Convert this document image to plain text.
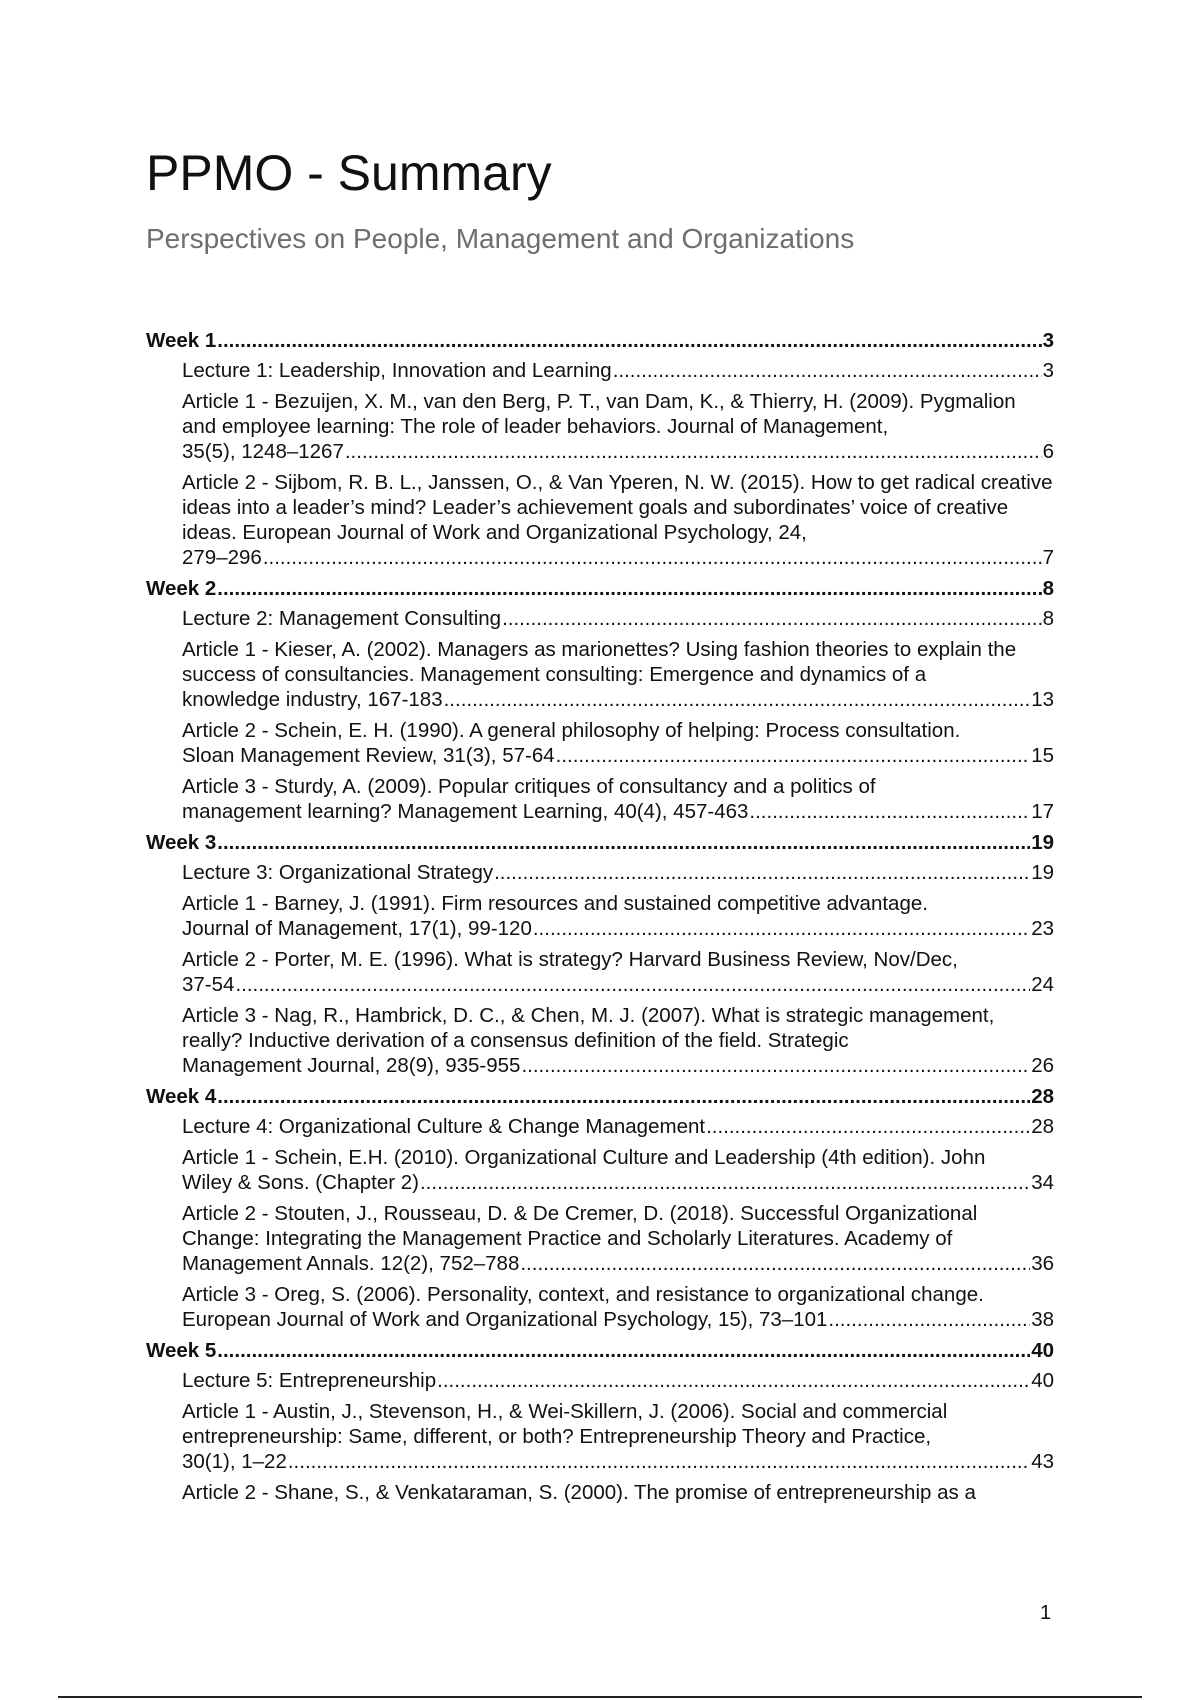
PPMO - Summary

Perspectives on People, Management and Organizations

Week 1 .....	3
Lecture 1: Leadership, Innovation and Learning .....	3
Article 1 - Bezuijen, X. M., van den Berg, P. T., van Dam, K., & Thierry, H. (2009). Pygmalion and employee learning: The role of leader behaviors. Journal of Management,
35(5), 1248–1267 .....	6
Article 2 - Sijbom, R. B. L., Janssen, O., & Van Yperen, N. W. (2015). How to get radical creative ideas into a leader’s mind? Leader’s achievement goals and subordinates’ voice of creative ideas. European Journal of Work and Organizational Psychology, 24,
279–296 .....	7
Week 2 .....	8
Lecture 2: Management Consulting .....	8
Article 1 - Kieser, A. (2002). Managers as marionettes? Using fashion theories to explain the success of consultancies. Management consulting: Emergence and dynamics of a
knowledge industry, 167-183 .....	13
Article 2 - Schein, E. H. (1990). A general philosophy of helping: Process consultation.
Sloan Management Review, 31(3), 57-64 .....	15
Article 3 - Sturdy, A. (2009). Popular critiques of consultancy and a politics of
management learning? Management Learning, 40(4), 457-463 .....	17
Week 3 .....	19
Lecture 3: Organizational Strategy .....	19
Article 1 - Barney, J. (1991). Firm resources and sustained competitive advantage.
Journal of Management, 17(1), 99-120 .....	23
Article 2 - Porter, M. E. (1996). What is strategy? Harvard Business Review, Nov/Dec,
37-54 .....	24
Article 3 - Nag, R., Hambrick, D. C., & Chen, M. J. (2007). What is strategic management, really? Inductive derivation of a consensus definition of the field. Strategic
Management Journal, 28(9), 935-955 .....	26
Week 4 .....	28
Lecture 4: Organizational Culture & Change Management .....	28
Article 1 - Schein, E.H. (2010). Organizational Culture and Leadership (4th edition). John
Wiley & Sons. (Chapter 2) .....	34
Article 2 - Stouten, J., Rousseau, D. & De Cremer, D. (2018). Successful Organizational Change: Integrating the Management Practice and Scholarly Literatures. Academy of
Management Annals. 12(2), 752–788 .....	36
Article 3 - Oreg, S. (2006). Personality, context, and resistance to organizational change.
European Journal of Work and Organizational Psychology, 15), 73–101 .....	38
Week 5 .....	40
Lecture 5: Entrepreneurship .....	40
Article 1 - Austin, J., Stevenson, H., & Wei-Skillern, J. (2006). Social and commercial entrepreneurship: Same, different, or both? Entrepreneurship Theory and Practice,
30(1), 1–22 .....	43
Article 2 - Shane, S., & Venkataraman, S. (2000). The promise of entrepreneurship as a
1
